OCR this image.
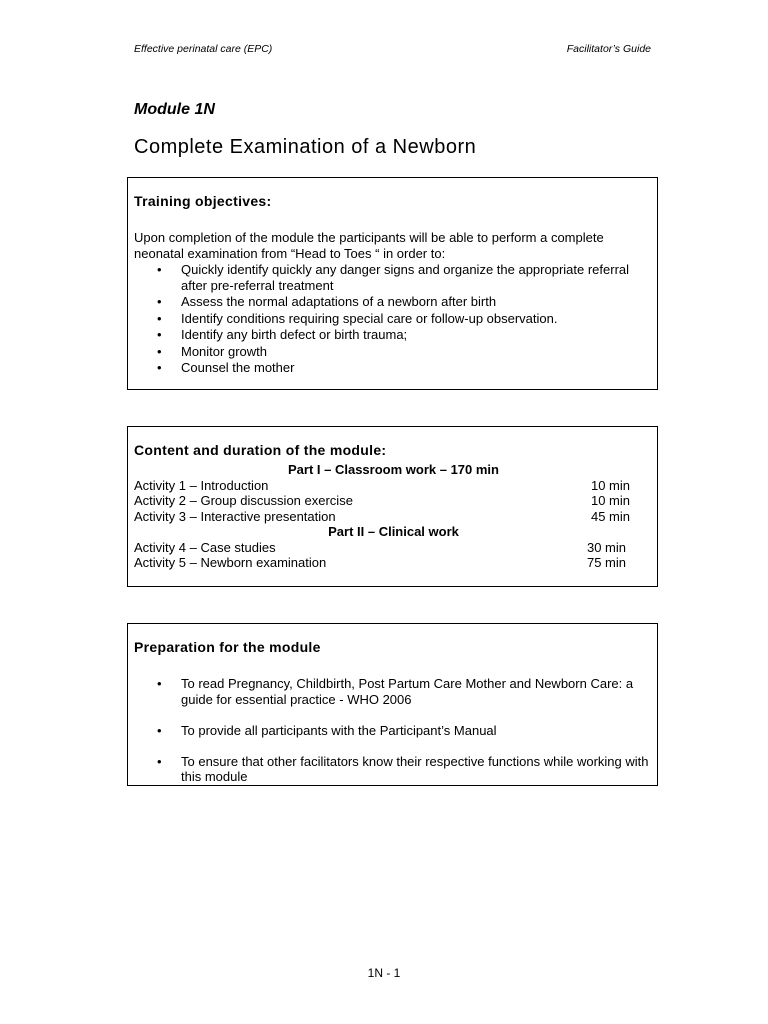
Effective perinatal care (EPC)	Facilitator’s Guide
Module 1N
Complete Examination of a Newborn
Training objectives:
Upon completion of the module the participants will be able to perform a complete neonatal examination from “Head to Toes “ in order to:
• Quickly identify quickly any danger signs and organize the appropriate referral after pre-referral treatment
• Assess the normal adaptations of a newborn after birth
• Identify conditions requiring special care or follow-up observation.
• Identify any birth defect or birth trauma;
• Monitor growth
• Counsel the mother
Content and duration of the module:
Part I – Classroom work – 170 min
Activity 1 – Introduction	10 min
Activity 2 – Group discussion exercise	10 min
Activity 3 – Interactive presentation	45 min
Part II – Clinical work
Activity 4 – Case studies	30 min
Activity 5 – Newborn examination	75 min
Preparation for the module
• To read Pregnancy, Childbirth, Post Partum Care Mother and Newborn Care: a guide for essential practice - WHO 2006
• To provide all participants with the Participant’s Manual
• To ensure that other facilitators know their respective functions while working with this module
1N - 1
